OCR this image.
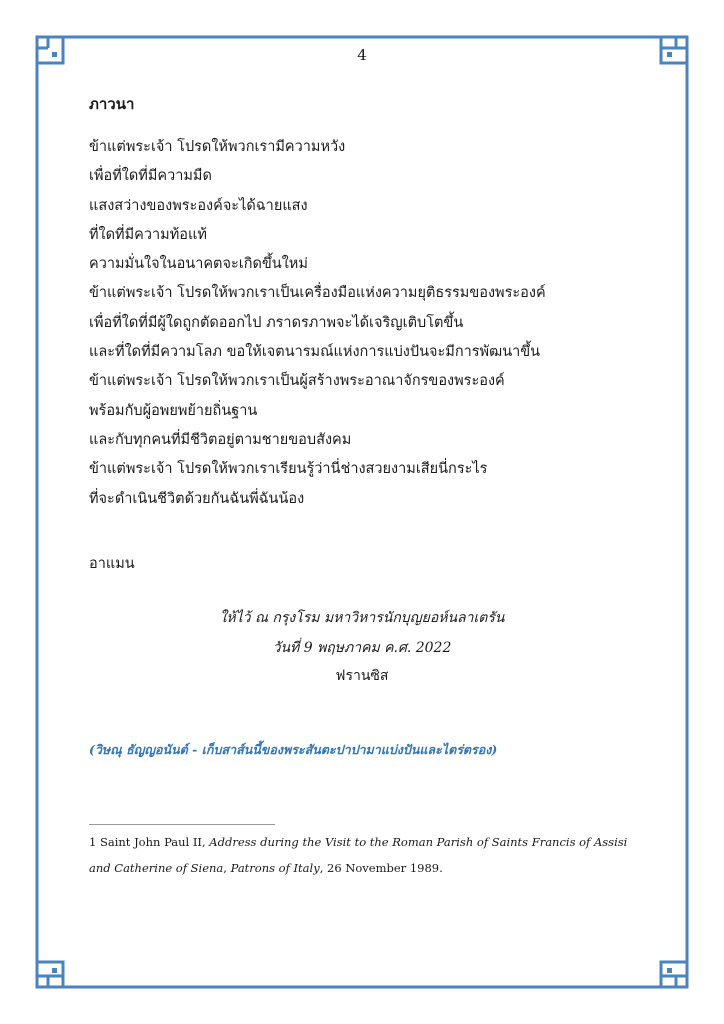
4
ภาวนา
ข้าแต่พระเจ้า โปรดให้พวกเรามีความหวัง
เพื่อที่ใดที่มีความมืด
แสงสว่างของพระองค์จะได้ฉายแสง
ที่ใดที่มีความท้อแท้
ความมั่นใจในอนาคตจะเกิดขึ้นใหม่
ข้าแต่พระเจ้า โปรดให้พวกเราเป็นเครื่องมือแห่งความยุติธรรมของพระองค์
เพื่อที่ใดที่มีผู้ใดถูกตัดออกไป ภราดรภาพจะได้เจริญเติบโตขึ้น
และที่ใดที่มีความโลภ ขอให้เจตนารมณ์แห่งการแบ่งปันจะมีการพัฒนาขึ้น
ข้าแต่พระเจ้า โปรดให้พวกเราเป็นผู้สร้างพระอาณาจักรของพระองค์
พร้อมกับผู้อพยพย้ายถิ่นฐาน
และกับทุกคนที่มีชีวิตอยู่ตามชายขอบสังคม
ข้าแต่พระเจ้า โปรดให้พวกเราเรียนรู้ว่านี่ช่างสวยงามเสียนี่กระไร
ที่จะดำเนินชีวิตด้วยกันฉันพี่ฉันน้อง
อาแมน
ให้ไว้ ณ กรุงโรม มหาวิหารนักบุญยอห์นลาเตรัน
วันที่ 9 พฤษภาคม ค.ศ. 2022
ฟรานซิส
(วิษณุ ธัญญอนันต์ - เก็บสาส์นนี้ของพระสันตะปาปามาแบ่งปันและไตร่ตรอง)
1 Saint John Paul II, Address during the Visit to the Roman Parish of Saints Francis of Assisi and Catherine of Siena, Patrons of Italy, 26 November 1989.
